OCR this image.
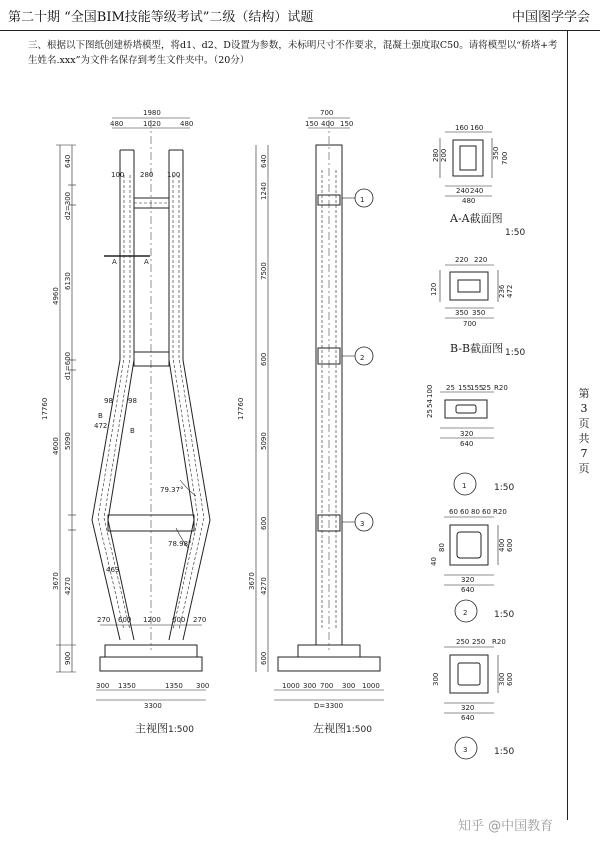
第二十期 “全国BIM技能等级考试”二级（结构）试题	中国图学学会
三、根据以下图纸创建桥塔模型，将d1、d2、D设置为参数，未标明尺寸不作要求，混凝土强度取C50。请将模型以“桥塔+考生姓名.xxx”为文件名保存到考生文件夹中。（20分）
第
3
页
共
7
页
知乎 @中国教育
1980
480	1020	480
100 280 100
A	A
640
d2=300
6130
4960
d1=600
17760
5090
4600
4270
3670
900
98 98
472
463
B
B
79.37°
78.98°
270 600 1200 600 270
300 1350	1350 300
3300
主视图 1:500
700
150 400 150
640
1240
7500
600
17760
5090
600
4270
3670
600
1
2
3
1000 300 700 300 1000
D=3300
左视图 1:500
160 160
480
240 240
350 700
280 200
A-A截面图
1:50
220 220
350 350
700
120	236 472
B-B截面图 1:50
25 155
155
25 R20
320
640
25
54
100
1	1:50
60 60 80 60 R20
40
80	400 600
320
640
2	1:50
250 250 R20
300	300 600
320
640
3	1:50
